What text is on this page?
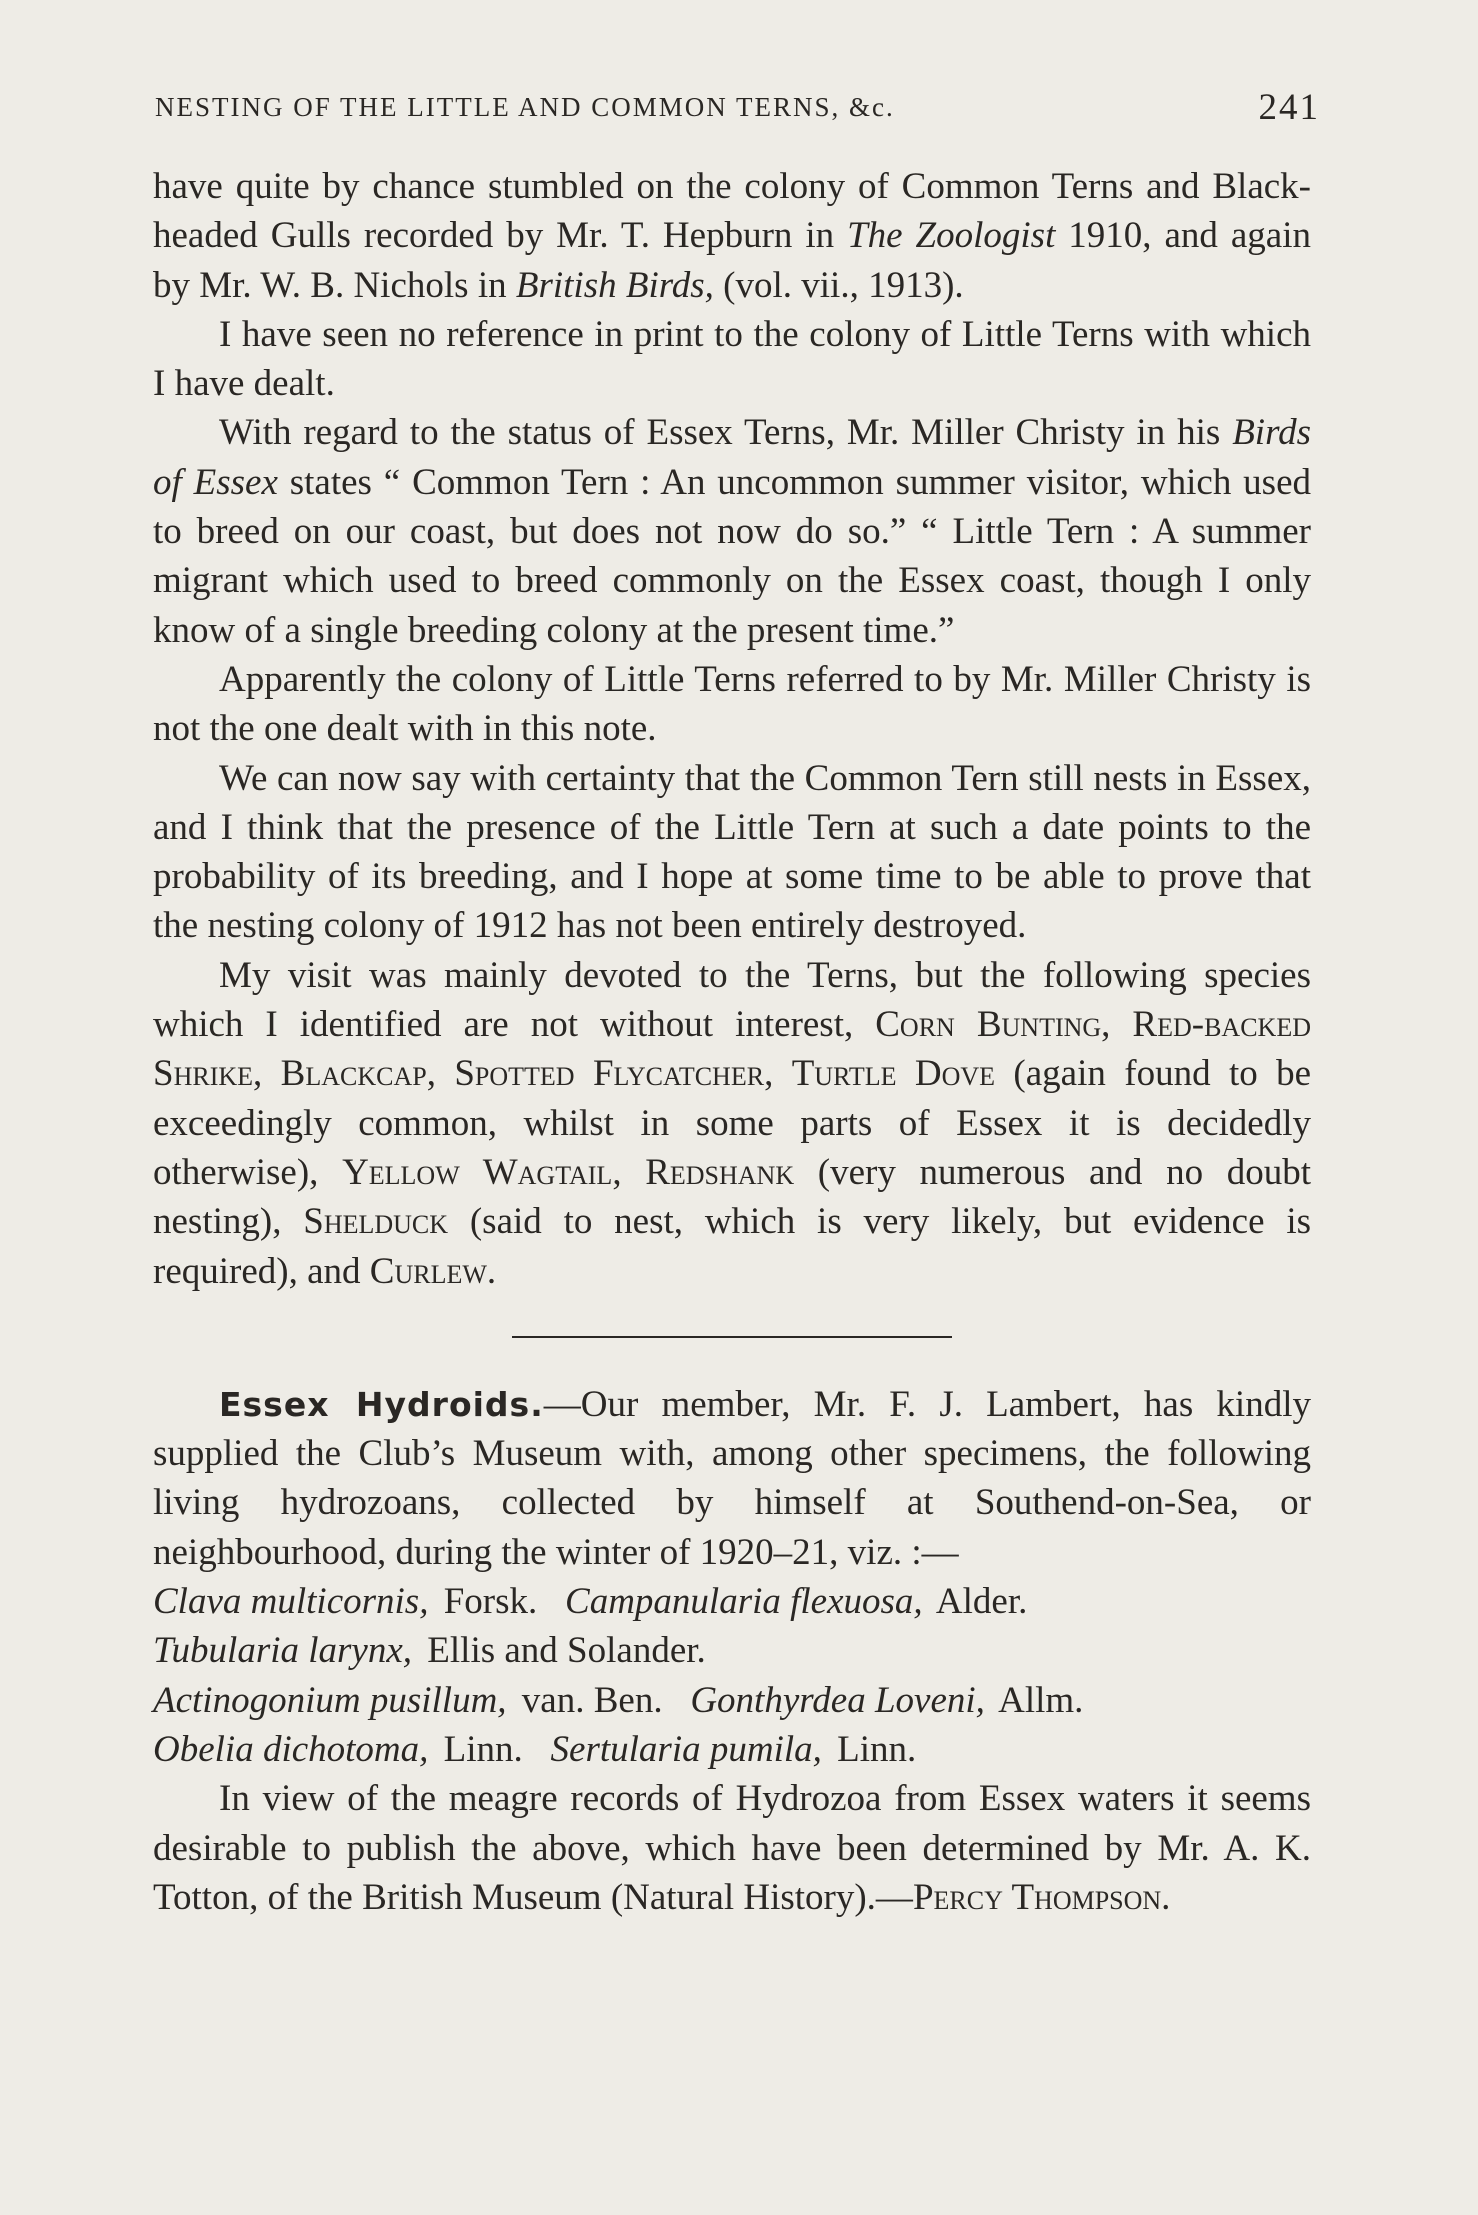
NESTING OF THE LITTLE AND COMMON TERNS, &c.	241

have quite by chance stumbled on the colony of Common Terns and Black-headed Gulls recorded by Mr. T. Hepburn in The Zoologist 1910, and again by Mr. W. B. Nichols in British Birds, (vol. vii., 1913).

I have seen no reference in print to the colony of Little Terns with which I have dealt.

With regard to the status of Essex Terns, Mr. Miller Christy in his Birds of Essex states “ Common Tern : An uncommon summer visitor, which used to breed on our coast, but does not now do so.” “ Little Tern : A summer migrant which used to breed commonly on the Essex coast, though I only know of a single breeding colony at the present time.”

Apparently the colony of Little Terns referred to by Mr. Miller Christy is not the one dealt with in this note.

We can now say with certainty that the Common Tern still nests in Essex, and I think that the presence of the Little Tern at such a date points to the probability of its breeding, and I hope at some time to be able to prove that the nesting colony of 1912 has not been entirely destroyed.

My visit was mainly devoted to the Terns, but the following species which I identified are not without interest, Corn Bunting, Red-backed Shrike, Blackcap, Spotted Flycatcher, Turtle Dove (again found to be exceedingly common, whilst in some parts of Essex it is decidedly otherwise), Yellow Wagtail, Redshank (very numerous and no doubt nesting), Shelduck (said to nest, which is very likely, but evidence is required), and Curlew.

Essex Hydroids.—Our member, Mr. F. J. Lambert, has kindly supplied the Club’s Museum with, among other specimens, the following living hydrozoans, collected by himself at Southend-on-Sea, or neighbourhood, during the winter of 1920–21, viz. :—

Clava multicornis, Forsk. Campanularia flexuosa, Alder.

Tubularia larynx, Ellis and Solander.

Actinogonium pusillum, van. Ben. Gonthyrdea Loveni, Allm.

Obelia dichotoma, Linn. Sertularia pumila, Linn.

In view of the meagre records of Hydrozoa from Essex waters it seems desirable to publish the above, which have been determined by Mr. A. K. Totton, of the British Museum (Natural History).—Percy Thompson.
